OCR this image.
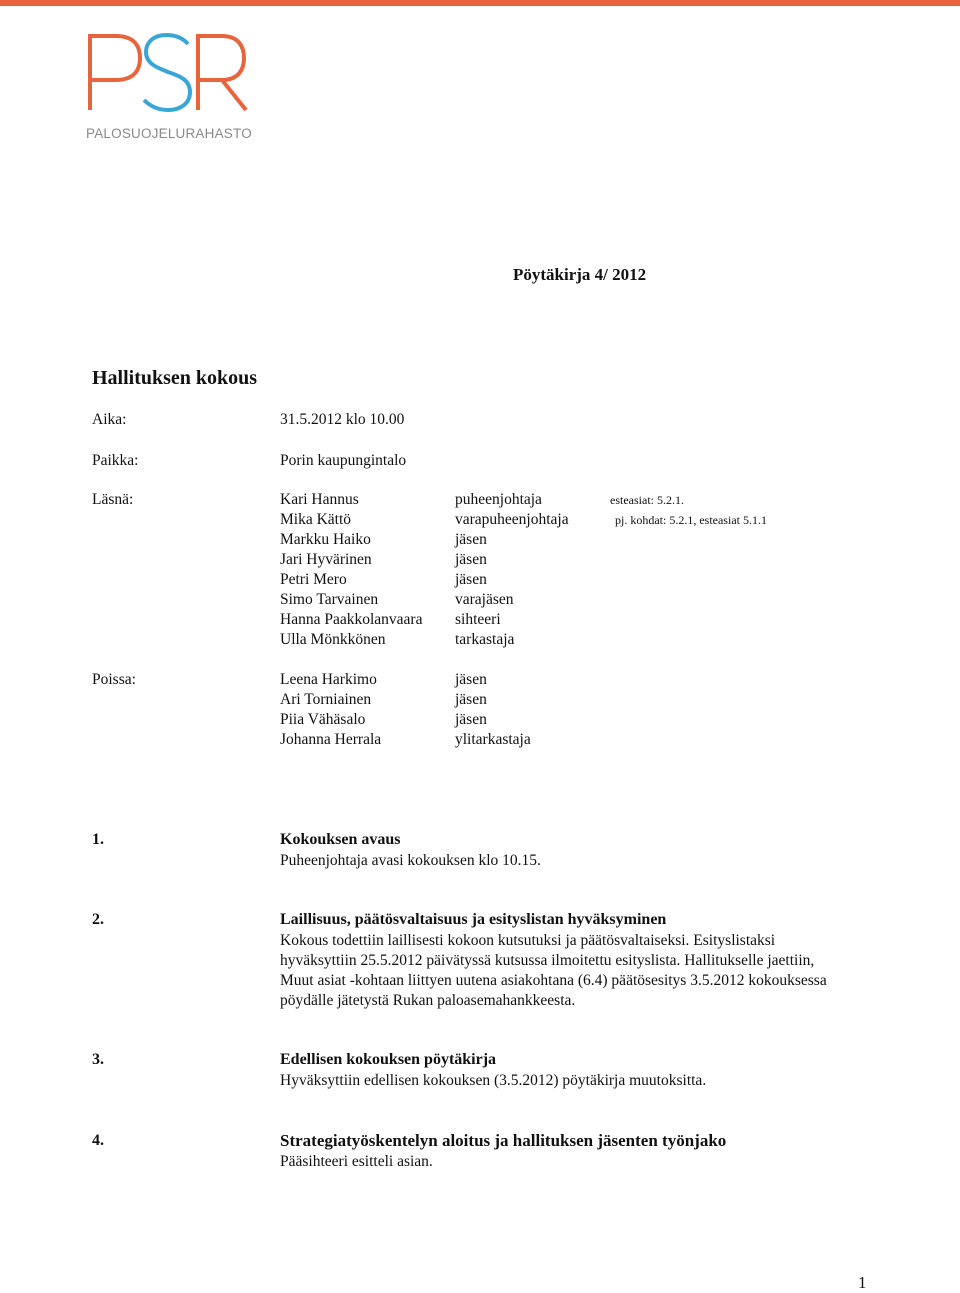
PALOSUOJELURAHASTO
Pöytäkirja 4/ 2012
Hallituksen kokous
Aika:	31.5.2012 klo 10.00
Paikka:	Porin kaupungintalo
Läsnä:	Kari Hannus	puheenjohtaja	esteasiat: 5.2.1.
Mika Kättö	varapuheenjohtaja	pj. kohdat: 5.2.1, esteasiat 5.1.1
Markku Haiko	jäsen
Jari Hyvärinen	jäsen
Petri Mero	jäsen
Simo Tarvainen	varajäsen
Hanna Paakkolanvaara sihteeri
Ulla Mönkkönen	tarkastaja
Poissa:	Leena Harkimo	jäsen
Ari Torniainen	jäsen
Piia Vähäsalo	jäsen
Johanna Herrala	ylitarkastaja
1.	Kokouksen avaus
Puheenjohtaja avasi kokouksen klo 10.15.
2.	Laillisuus, päätösvaltaisuus ja esityslistan hyväksyminen
Kokous todettiin laillisesti kokoon kutsutuksi ja päätösvaltaiseksi. Esityslistaksi hyväksyttiin 25.5.2012 päivätyssä kutsussa ilmoitettu esityslista. Hallitukselle jaettiin, Muut asiat -kohtaan liittyen uutena asiakohtana (6.4) päätösesitys 3.5.2012 kokouksessa pöydälle jätetystä Rukan paloasemahankkeesta.
3.	Edellisen kokouksen pöytäkirja
Hyväksyttiin edellisen kokouksen (3.5.2012) pöytäkirja muutoksitta.
4.	Strategiatyöskentelyn aloitus ja hallituksen jäsenten työnjako
Pääsihteeri esitteli asian.
1
